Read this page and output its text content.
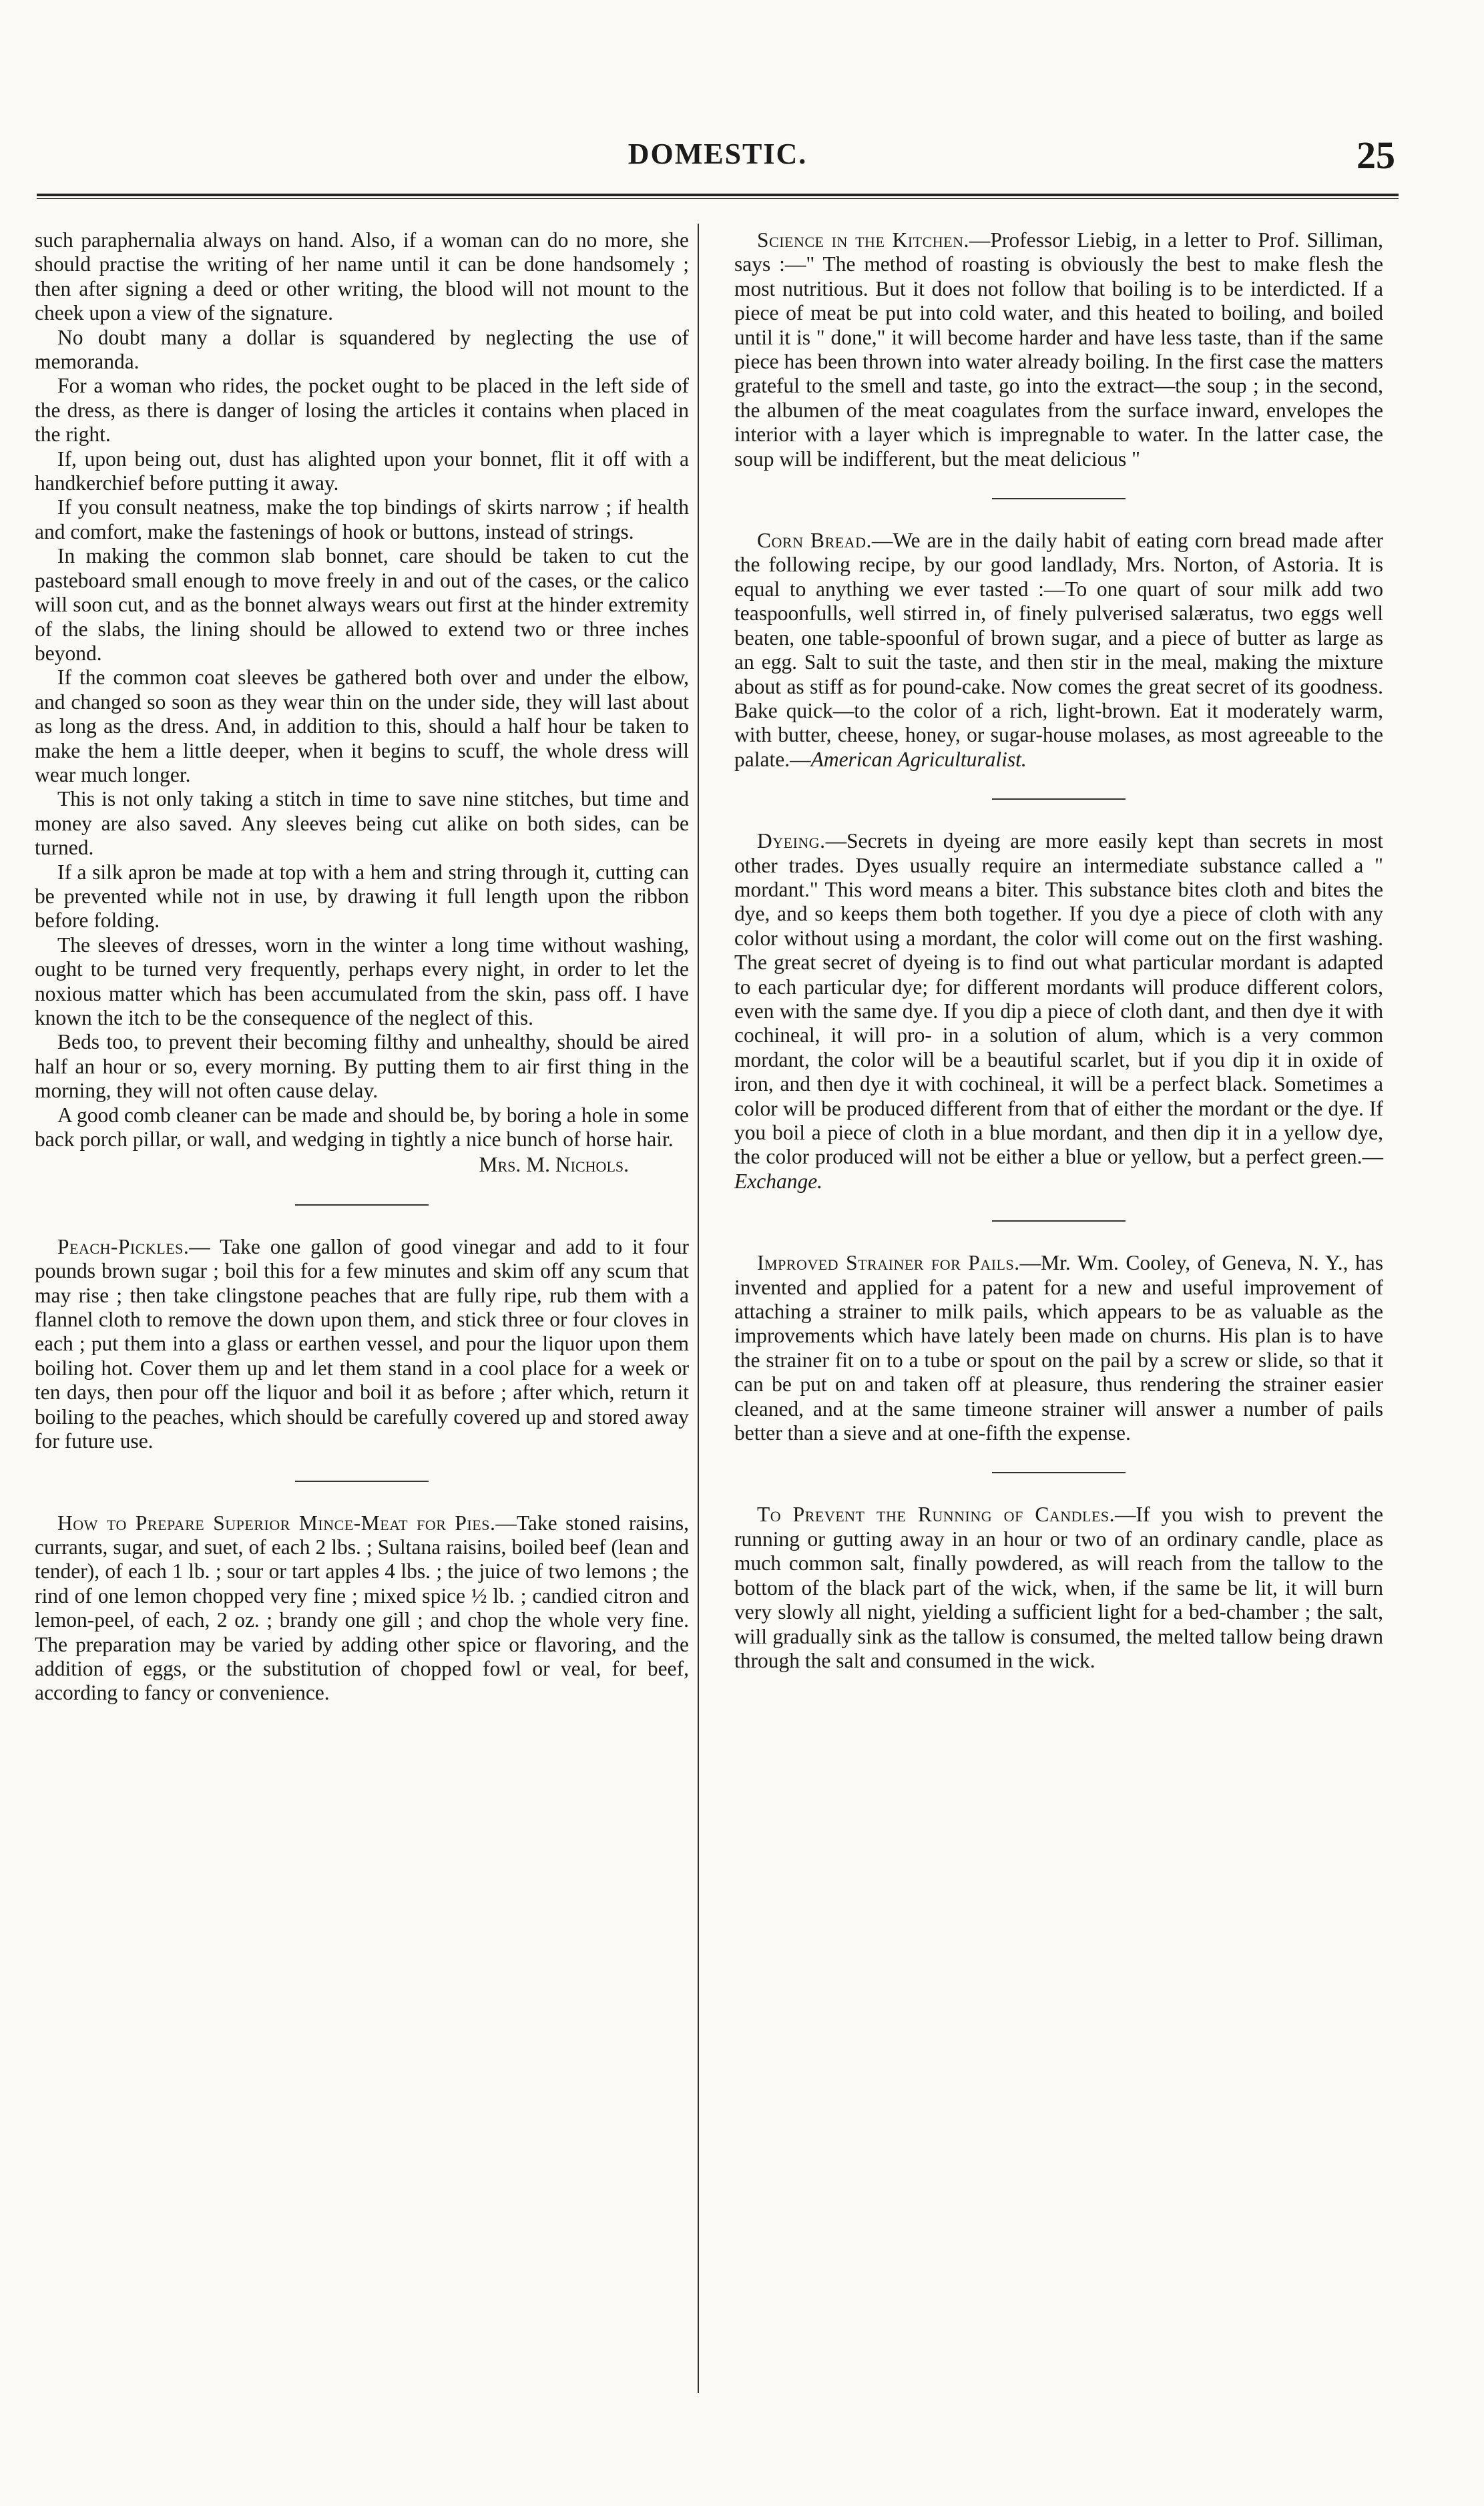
DOMESTIC.	25

such paraphernalia always on hand. Also, if a woman can do no more, she should practise the writing of her name until it can be done handsomely ; then after signing a deed or other writing, the blood will not mount to the cheek upon a view of the signature.

No doubt many a dollar is squandered by neglecting the use of memoranda.

For a woman who rides, the pocket ought to be placed in the left side of the dress, as there is danger of losing the articles it contains when placed in the right.

If, upon being out, dust has alighted upon your bonnet, flit it off with a handkerchief before putting it away.

If you consult neatness, make the top bindings of skirts narrow ; if health and comfort, make the fastenings of hook or buttons, instead of strings.

In making the common slab bonnet, care should be taken to cut the pasteboard small enough to move freely in and out of the cases, or the calico will soon cut, and as the bonnet always wears out first at the hinder extremity of the slabs, the lining should be allowed to extend two or three inches beyond.

If the common coat sleeves be gathered both over and under the elbow, and changed so soon as they wear thin on the under side, they will last about as long as the dress. And, in addition to this, should a half hour be taken to make the hem a little deeper, when it begins to scuff, the whole dress will wear much longer.

This is not only taking a stitch in time to save nine stitches, but time and money are also saved. Any sleeves being cut alike on both sides, can be turned.

If a silk apron be made at top with a hem and string through it, cutting can be prevented while not in use, by drawing it full length upon the ribbon before folding.

The sleeves of dresses, worn in the winter a long time without washing, ought to be turned very frequently, perhaps every night, in order to let the noxious matter which has been accumulated from the skin, pass off. I have known the itch to be the consequence of the neglect of this.

Beds too, to prevent their becoming filthy and unhealthy, should be aired half an hour or so, every morning. By putting them to air first thing in the morning, they will not often cause delay.

A good comb cleaner can be made and should be, by boring a hole in some back porch pillar, or wall, and wedging in tightly a nice bunch of horse hair.

Mrs. M. Nichols.

Peach-Pickles.— Take one gallon of good vinegar and add to it four pounds brown sugar ; boil this for a few minutes and skim off any scum that may rise ; then take clingstone peaches that are fully ripe, rub them with a flannel cloth to remove the down upon them, and stick three or four cloves in each ; put them into a glass or earthen vessel, and pour the liquor upon them boiling hot. Cover them up and let them stand in a cool place for a week or ten days, then pour off the liquor and boil it as before ; after which, return it boiling to the peaches, which should be carefully covered up and stored away for future use.

How to Prepare Superior Mince-Meat for Pies.—Take stoned raisins, currants, sugar, and suet, of each 2 lbs. ; Sultana raisins, boiled beef (lean and tender), of each 1 lb. ; sour or tart apples 4 lbs. ; the juice of two lemons ; the rind of one lemon chopped very fine ; mixed spice ½ lb. ; candied citron and lemon-peel, of each, 2 oz. ; brandy one gill ; and chop the whole very fine. The preparation may be varied by adding other spice or flavoring, and the addition of eggs, or the substitution of chopped fowl or veal, for beef, according to fancy or convenience.

Science in the Kitchen.—Professor Liebig, in a letter to Prof. Silliman, says :—" The method of roasting is obviously the best to make flesh the most nutritious. But it does not follow that boiling is to be interdicted. If a piece of meat be put into cold water, and this heated to boiling, and boiled until it is " done," it will become harder and have less taste, than if the same piece has been thrown into water already boiling. In the first case the matters grateful to the smell and taste, go into the extract—the soup ; in the second, the albumen of the meat coagulates from the surface inward, envelopes the interior with a layer which is impregnable to water. In the latter case, the soup will be indifferent, but the meat delicious "

Corn Bread.—We are in the daily habit of eating corn bread made after the following recipe, by our good landlady, Mrs. Norton, of Astoria. It is equal to anything we ever tasted :—To one quart of sour milk add two teaspoonfulls, well stirred in, of finely pulverised salæratus, two eggs well beaten, one table-spoonful of brown sugar, and a piece of butter as large as an egg. Salt to suit the taste, and then stir in the meal, making the mixture about as stiff as for pound-cake. Now comes the great secret of its goodness. Bake quick—to the color of a rich, light-brown. Eat it moderately warm, with butter, cheese, honey, or sugar-house molases, as most agreeable to the palate.—American Agriculturalist.

Dyeing.—Secrets in dyeing are more easily kept than secrets in most other trades. Dyes usually require an intermediate substance called a " mordant." This word means a biter. This substance bites cloth and bites the dye, and so keeps them both together. If you dye a piece of cloth with any color without using a mordant, the color will come out on the first washing. The great secret of dyeing is to find out what particular mordant is adapted to each particular dye; for different mordants will produce different colors, even with the same dye. If you dip a piece of cloth dant, and then dye it with cochineal, it will pro- in a solution of alum, which is a very common mordant, the color will be a beautiful scarlet, but if you dip it in oxide of iron, and then dye it with cochineal, it will be a perfect black. Sometimes a color will be produced different from that of either the mordant or the dye. If you boil a piece of cloth in a blue mordant, and then dip it in a yellow dye, the color produced will not be either a blue or yellow, but a perfect green.—Exchange.

Improved Strainer for Pails.—Mr. Wm. Cooley, of Geneva, N. Y., has invented and applied for a patent for a new and useful improvement of attaching a strainer to milk pails, which appears to be as valuable as the improvements which have lately been made on churns. His plan is to have the strainer fit on to a tube or spout on the pail by a screw or slide, so that it can be put on and taken off at pleasure, thus rendering the strainer easier cleaned, and at the same timeone strainer will answer a number of pails better than a sieve and at one-fifth the expense.

To Prevent the Running of Candles.—If you wish to prevent the running or gutting away in an hour or two of an ordinary candle, place as much common salt, finally powdered, as will reach from the tallow to the bottom of the black part of the wick, when, if the same be lit, it will burn very slowly all night, yielding a sufficient light for a bed-chamber ; the salt, will gradually sink as the tallow is consumed, the melted tallow being drawn through the salt and consumed in the wick.
